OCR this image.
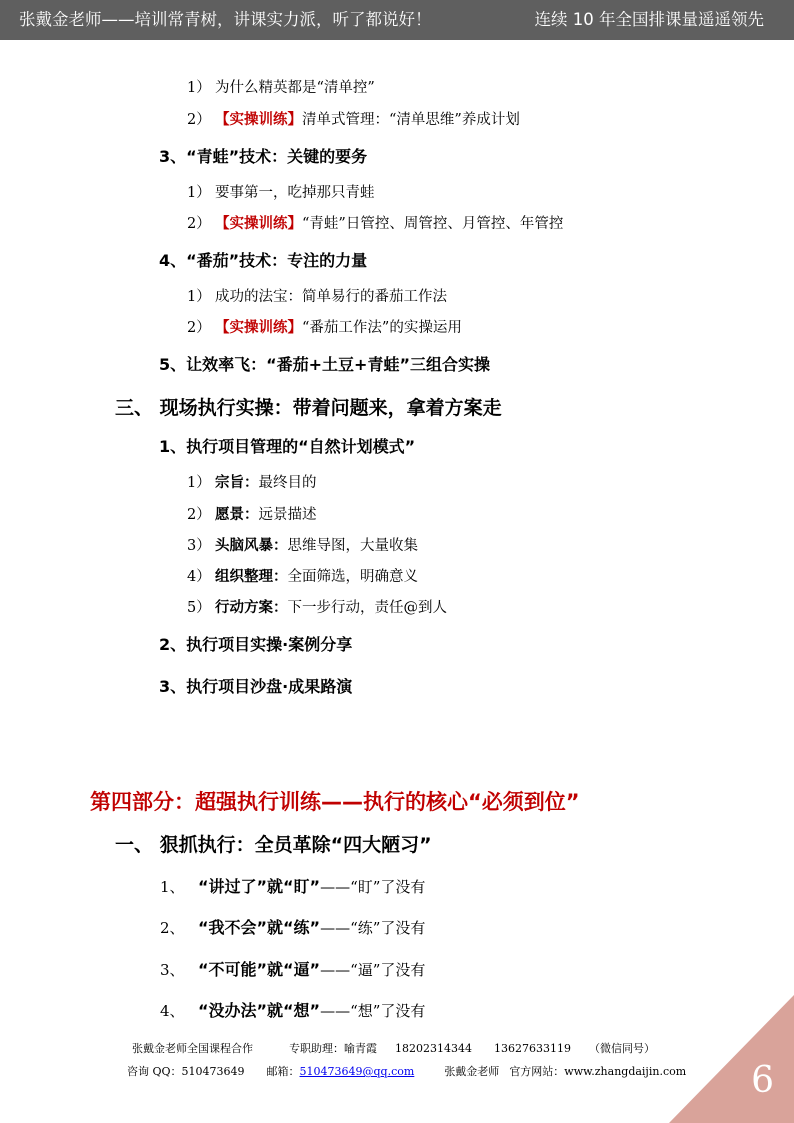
张戴金老师——培训常青树，讲课实力派，听了都说好！	连续 10 年全国排课量遥遥领先
1） 为什么精英都是“清单控”
2） 【实操训练】清单式管理：“清单思维”养成计划
3、“青蛙”技术：关键的要务
1） 要事第一，吃掉那只青蛙
2） 【实操训练】“青蛙”日管控、周管控、月管控、年管控
4、“番茄”技术：专注的力量
1） 成功的法宝：简单易行的番茄工作法
2） 【实操训练】“番茄工作法”的实操运用
5、让效率飞：“番茄+土豆+青蛙”三组合实操
三、 现场执行实操：带着问题来，拿着方案走
1、执行项目管理的“自然计划模式”
1） 宗旨：最终目的
2） 愿景：远景描述
3） 头脑风暴：思维导图，大量收集
4） 组织整理：全面筛选，明确意义
5） 行动方案：下一步行动，责任@到人
2、执行项目实操·案例分享
3、执行项目沙盘·成果路演
第四部分：超强执行训练——执行的核心“必须到位”
一、 狠抓执行：全员革除“四大陋习”
1、 “讲过了”就“盯”——“盯”了没有
2、 “我不会”就“练”——“练”了没有
3、 “不可能”就“逼”——“逼”了没有
4、 “没办法”就“想”——“想”了没有
张戴金老师全国课程合作	专职助理：喻青霞 18202314344 13627633119 （微信同号）
咨询 QQ：510473649 邮箱：510473649@qq.com	张戴金老师 官方网站：www.zhangdaijin.com	6
